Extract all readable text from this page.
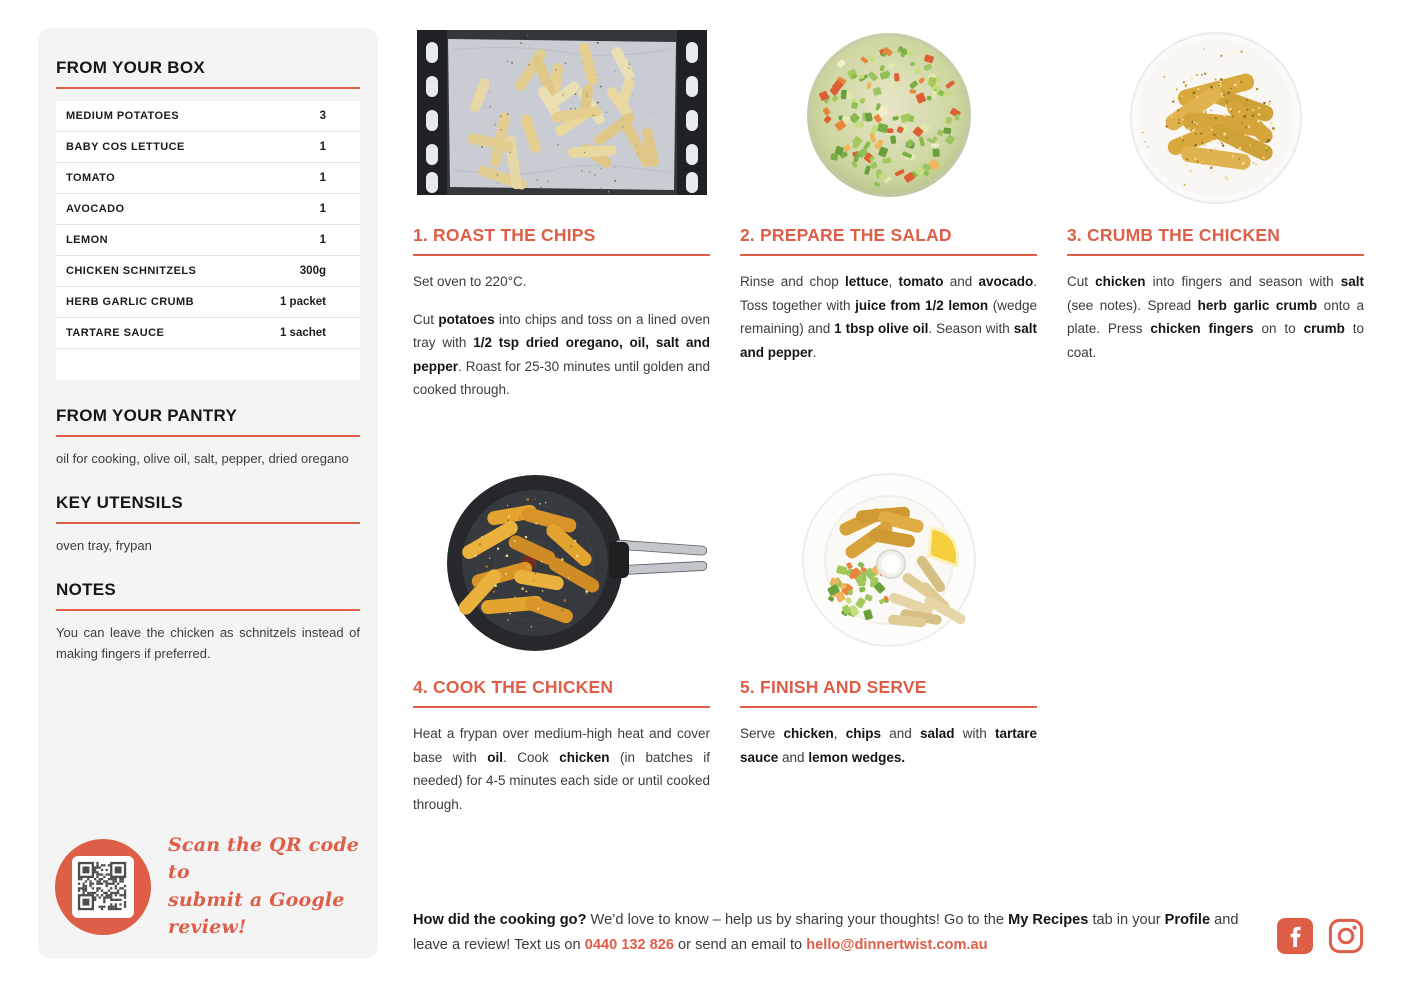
FROM YOUR BOX
MEDIUM POTATOES	3
BABY COS LETTUCE	1
TOMATO	1
AVOCADO	1
LEMON	1
CHICKEN SCHNITZELS	300g
HERB GARLIC CRUMB	1 packet
TARTARE SAUCE	1 sachet
FROM YOUR PANTRY

oil for cooking, olive oil, salt, pepper, dried oregano

KEY UTENSILS

oven tray, frypan

NOTES

You can leave the chicken as schnitzels instead of making fingers if preferred.

Scan the QR code to
submit a Google review!
1. ROAST THE CHIPS

Set oven to 220°C.

Cut potatoes into chips and toss on a lined oven tray with 1/2 tsp dried oregano, oil, salt and pepper. Roast for 25-30 minutes until golden and cooked through.

2. PREPARE THE SALAD

Rinse and chop lettuce, tomato and avocado. Toss together with juice from 1/2 lemon (wedge remaining) and 1 tbsp olive oil. Season with salt and pepper.

3. CRUMB THE CHICKEN

Cut chicken into fingers and season with salt (see notes). Spread herb garlic crumb onto a plate. Press chicken fingers on to crumb to coat.

4. COOK THE CHICKEN

Heat a frypan over medium-high heat and cover base with oil. Cook chicken (in batches if needed) for 4-5 minutes each side or until cooked through.

5. FINISH AND SERVE

Serve chicken, chips and salad with tartare sauce and lemon wedges.

How did the cooking go? We’d love to know – help us by sharing your thoughts! Go to the My Recipes tab in your Profile and leave a review! Text us on 0440 132 826 or send an email to hello@dinnertwist.com.au
